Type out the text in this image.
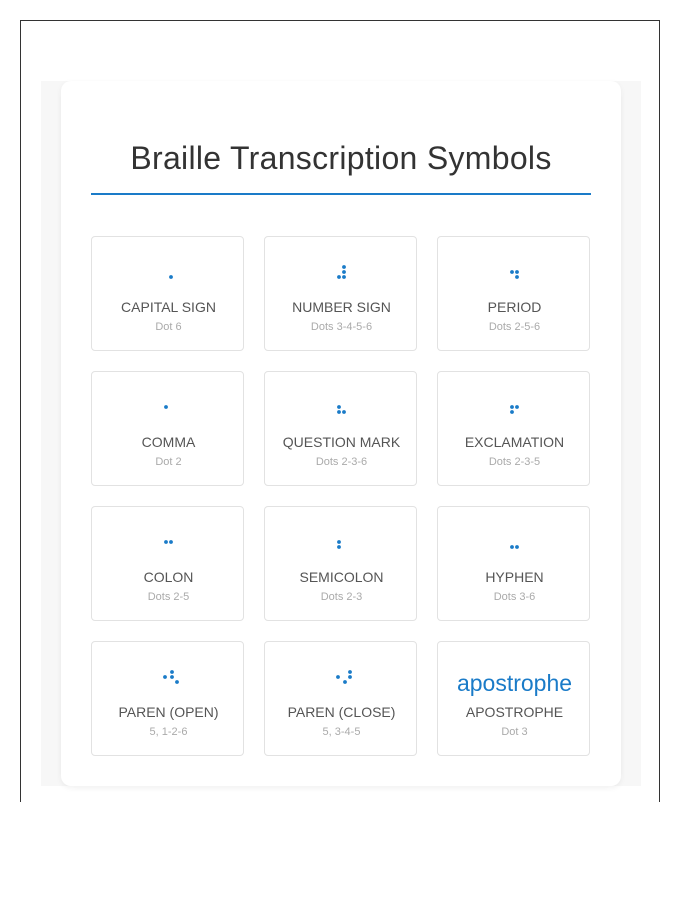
Braille Transcription Symbols
CAPITAL SIGN
Dot 6
NUMBER SIGN
Dots 3-4-5-6
PERIOD
Dots 2-5-6
COMMA
Dot 2
QUESTION MARK
Dots 2-3-6
EXCLAMATION
Dots 2-3-5
COLON
Dots 2-5
SEMICOLON
Dots 2-3
HYPHEN
Dots 3-6
PAREN (OPEN)
5, 1-2-6
PAREN (CLOSE)
5, 3-4-5
apostrophe
APOSTROPHE
Dot 3
